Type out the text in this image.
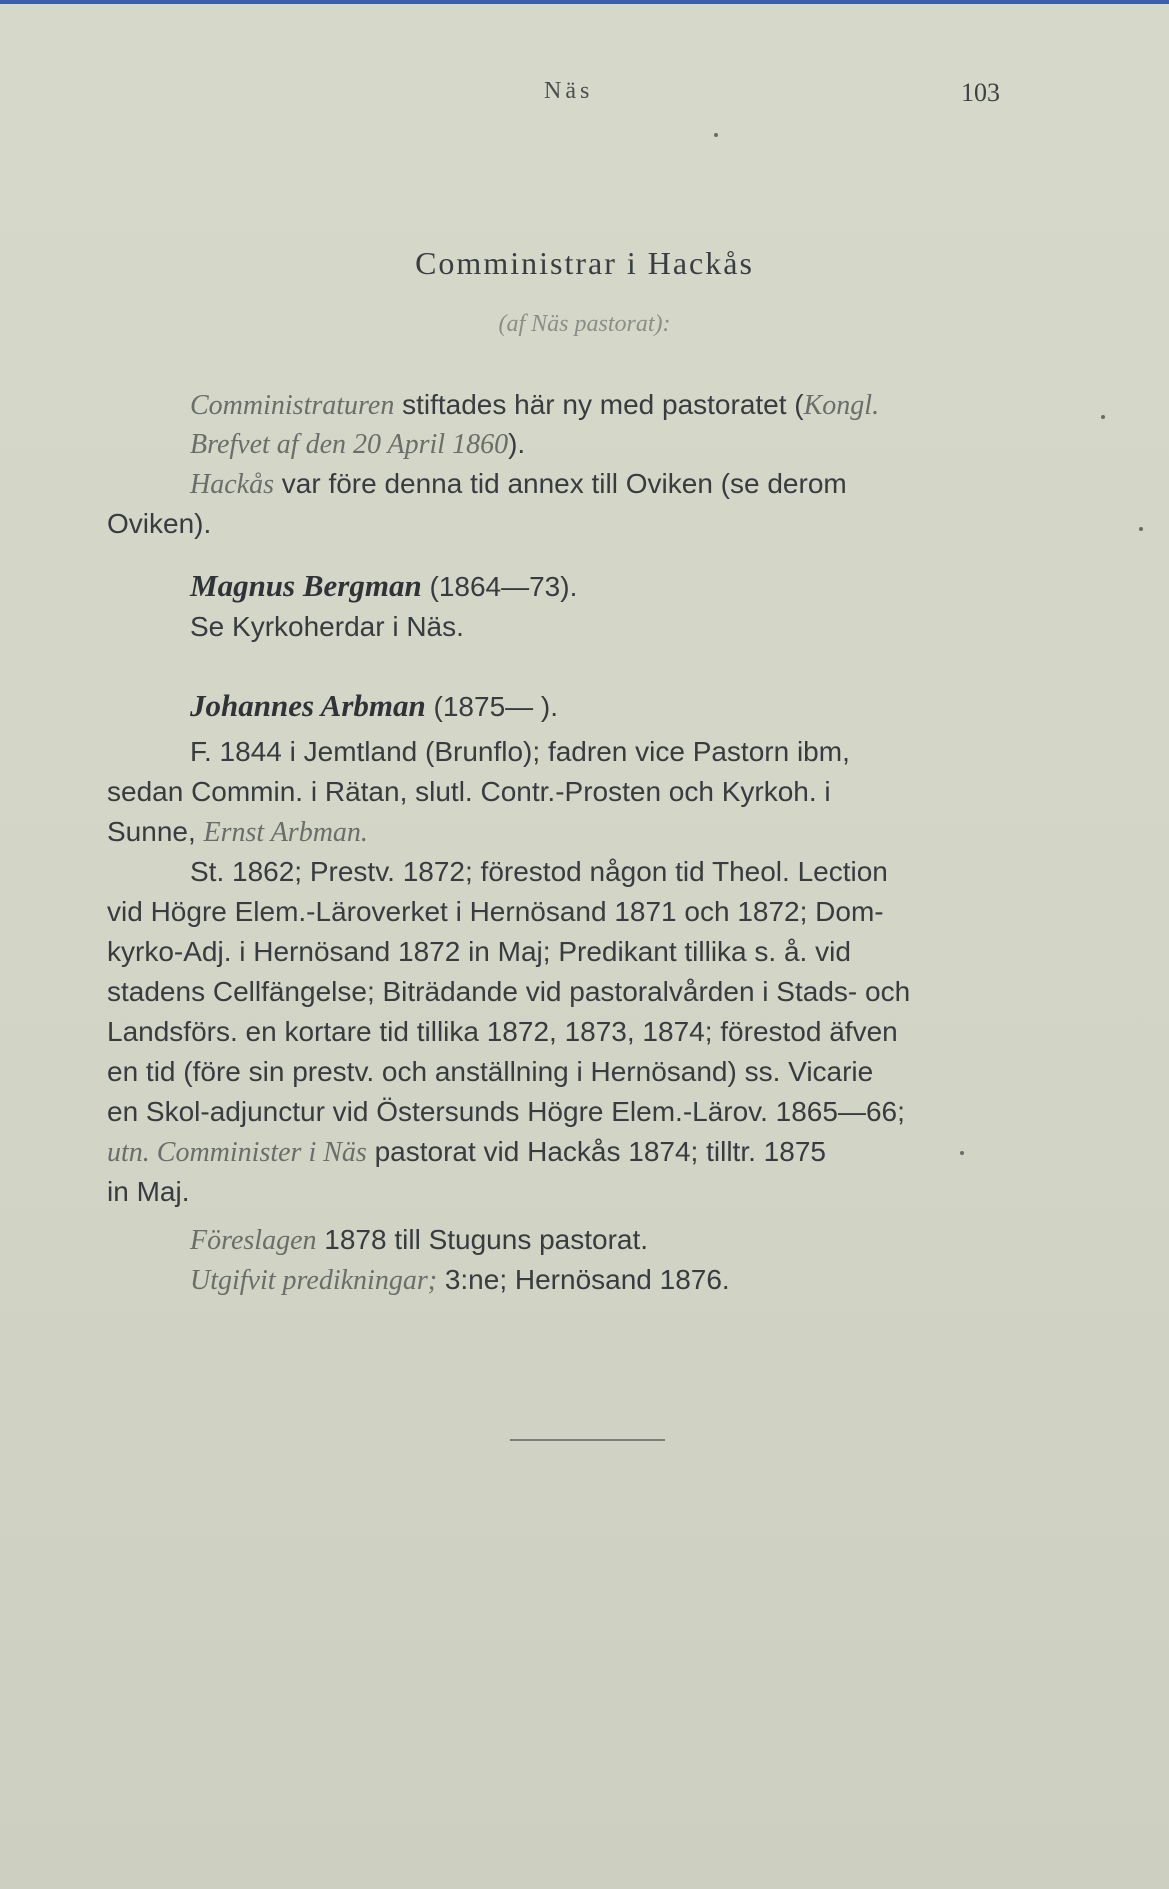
Näs	103
Comministrar i Hackås
(af Näs pastorat):
Comministraturen stiftades här ny med pastoratet (Kongl.
Brefvet af den 20 April 1860).
Hackås var före denna tid annex till Oviken (se derom
Oviken).
Magnus Bergman (1864—73).
Se Kyrkoherdar i Näs.
Johannes Arbman (1875— ).
F. 1844 i Jemtland (Brunflo); fadren vice Pastorn ibm,
sedan Commin. i Rätan, slutl. Contr.-Prosten och Kyrkoh. i
Sunne, Ernst Arbman.
St. 1862; Prestv. 1872; förestod någon tid Theol. Lection
vid Högre Elem.-Läroverket i Hernösand 1871 och 1872; Dom-
kyrko-Adj. i Hernösand 1872 in Maj; Predikant tillika s. å. vid
stadens Cellfängelse; Biträdande vid pastoralvården i Stads- och
Landsförs. en kortare tid tillika 1872, 1873, 1874; förestod äfven
en tid (före sin prestv. och anställning i Hernösand) ss. Vicarie
en Skol-adjunctur vid Östersunds Högre Elem.-Lärov. 1865—66;
utn. Comminister i Näs pastorat vid Hackås 1874; tilltr. 1875
in Maj.
Föreslagen 1878 till Stuguns pastorat.
Utgifvit predikningar; 3:ne; Hernösand 1876.
